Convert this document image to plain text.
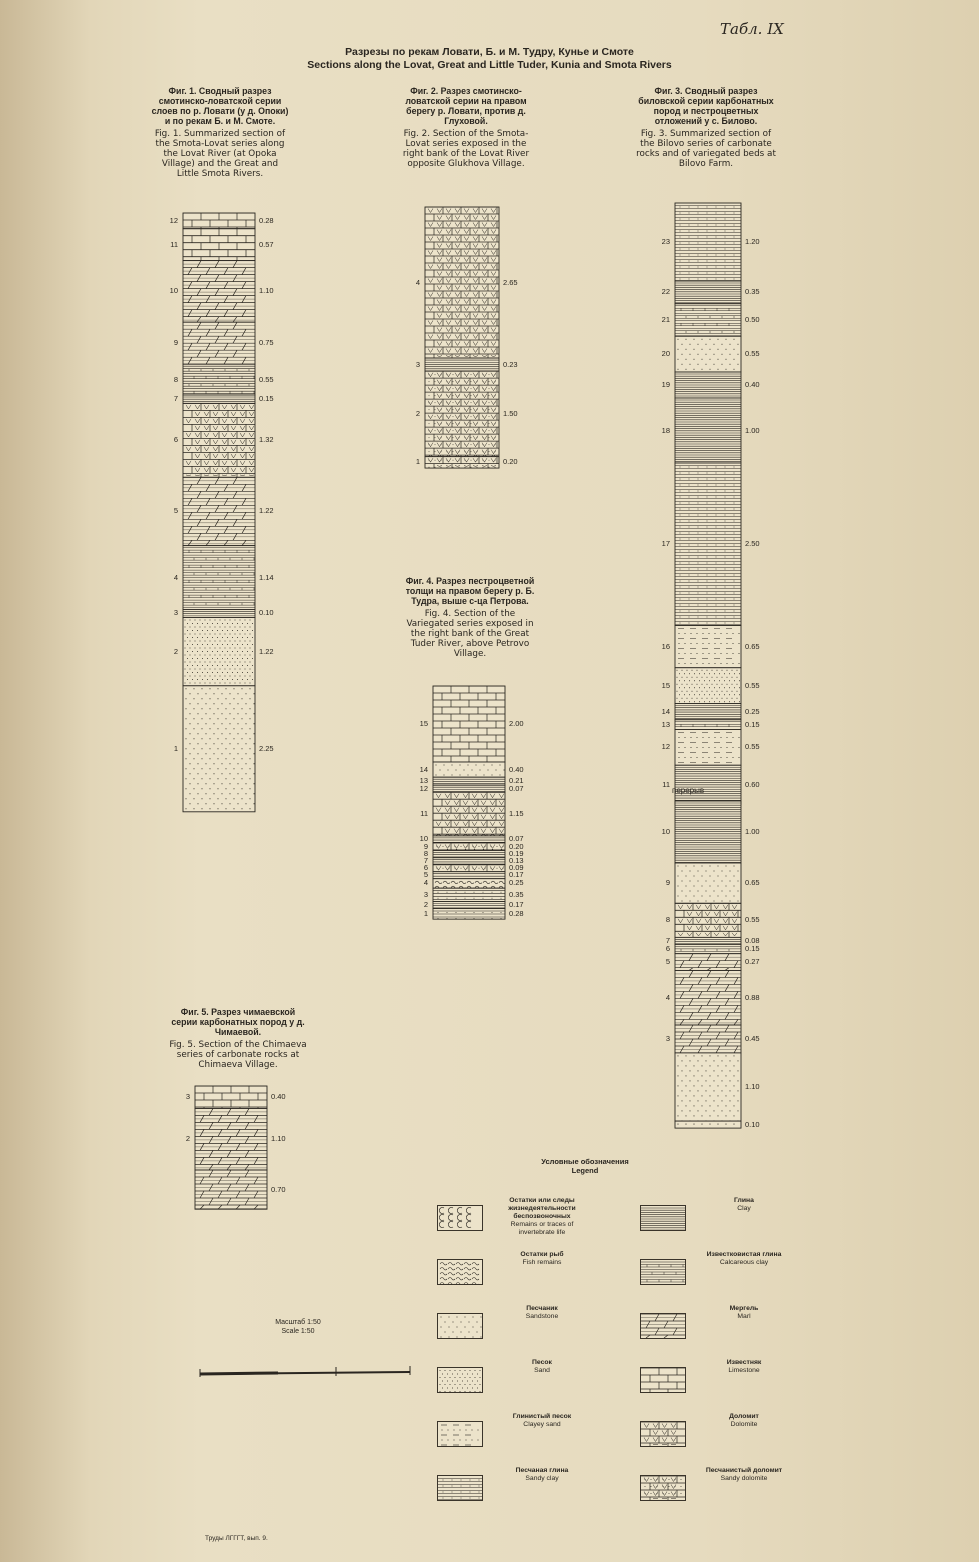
Табл. IX
Разрезы по рекам Ловати, Б. и М. Тудру, Кунье и Смоте
Sections along the Lovat, Great and Little Tuder, Kunia and Smota Rivers
Фиг. 1. Сводный разрез смотинско-ловатской серии слоев по р. Ловати (у д. Опоки) и по рекам Б. и М. Смоте.
Fig. 1. Summarized section of the Smota-Lovat series along the Lovat River (at Opoka Village) and the Great and Little Smota Rivers.
Фиг. 2. Разрез смотинско-ловатской серии на правом берегу р. Ловати, против д. Глуховой.
Fig. 2. Section of the Smota-Lovat series exposed in the right bank of the Lovat River opposite Glukhova Village.
Фиг. 3. Сводный разрез биловской серии карбонатных пород и пестроцветных отложений у с. Билово.
Fig. 3. Summarized section of the Bilovo series of carbonate rocks and of variegated beds at Bilovo Farm.
Фиг. 4. Разрез пестроцветной толщи на правом берегу р. Б. Тудра, выше с-ца Петрова.
Fig. 4. Section of the Variegated series exposed in the right bank of the Great Tuder River, above Petrovo Village.
Фиг. 5. Разрез чимаевской серии карбонатных пород у д. Чимаевой.
Fig. 5. Section of the Chimaeva series of carbonate rocks at Chimaeva Village.
12	0.28
11	0.57
10	1.10
9	0.75
8	0.55
7	0.15
6	1.32
5	1.22
4	1.14
3	0.10
2	1.22
1	2.25
4	2.65
3	0.23
2	1.50
1	0.20
23	1.20
22	0.35
21	0.50
20	0.55
19	0.40
18	1.00
17	2.50
16	0.65
15	0.55
14	0.25
13	0.15
12	0.55
11	0.60
10	1.00
9	0.65
8	0.55
7	0.08
6	0.15
5	0.27
4	0.88
3	0.45
1.10
0.10
15	2.00
14	0.40
13	0.21
12	0.07
11	1.15
10	0.07
9	0.20
8	0.19
7	0.13
6	0.09
5	0.17
4	0.25
3	0.35
2	0.17
1	0.28
3	0.40
2	1.10
0.70
перерыв
Условные обозначения
Legend
Остатки или следы жизнедеятельности беспозвоночных
Remains or traces of invertebrate life
Глина
Clay
Остатки рыб
Fish remains
Известковистая глина
Calcareous clay
Песчаник
Sandstone
Мергель
Marl
Песок
Sand
Известняк
Limestone
Глинистый песок
Clayey sand
Доломит
Dolomite
Песчаная глина
Sandy clay
Песчанистый доломит
Sandy dolomite
Масштаб 1:50
Scale 1:50
Труды ЛГГГТ, вып. 9.
